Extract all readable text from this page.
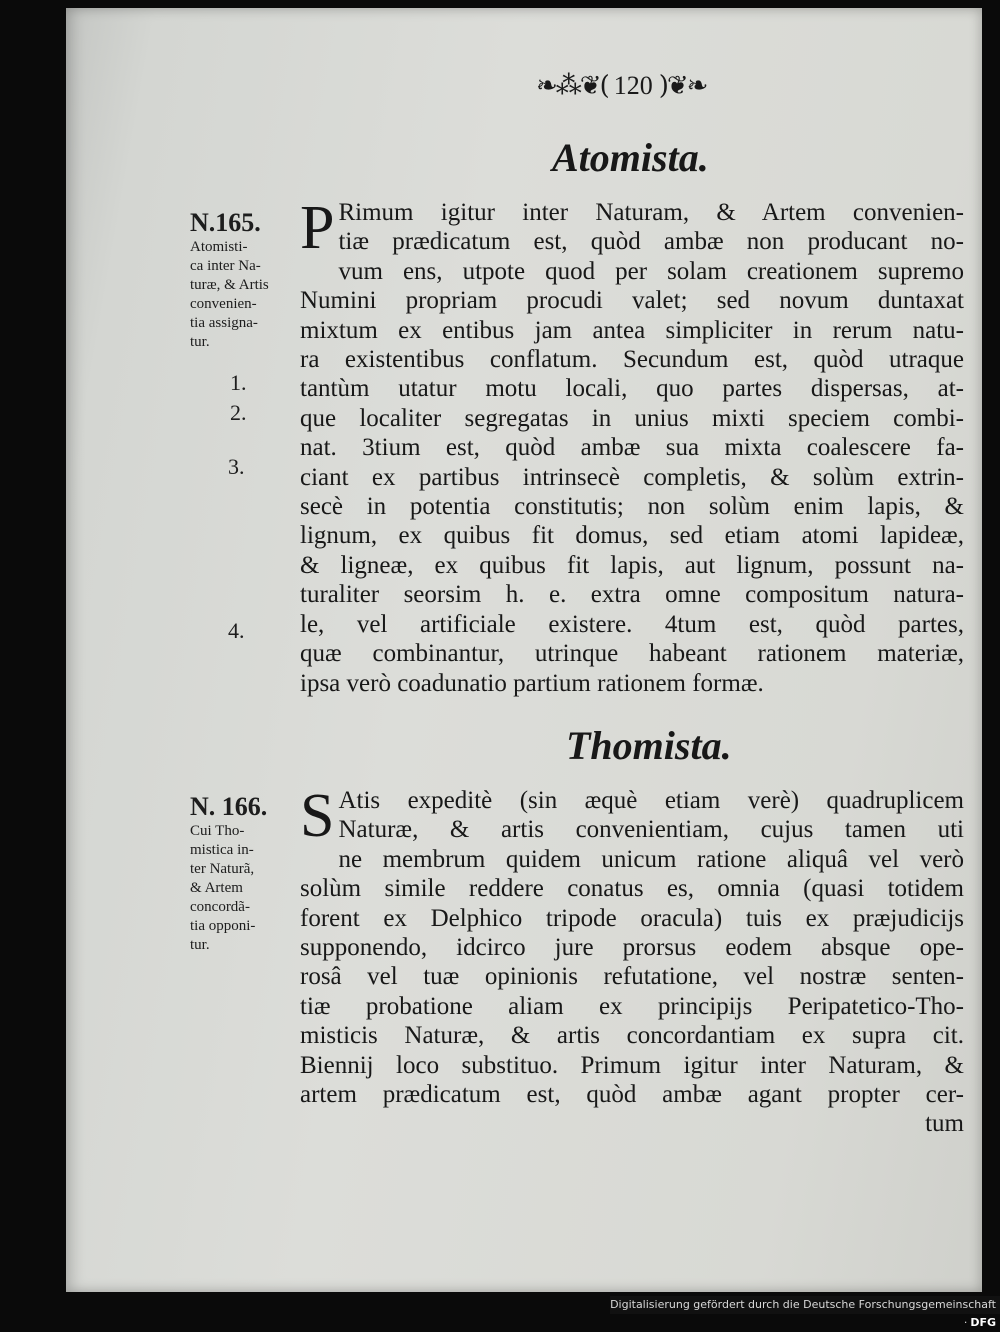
❧⁂❦( 120 )❦❧
Atomista.
N.165.
Atomisti-
ca inter Na-
turæ, & Artis
convenien-
tia assigna-
tur.
1.
2.
3.
4.
P Rimum igitur inter Naturam, & Artem convenien-
tiæ prædicatum est, quòd ambæ non producant no-
vum ens, utpote quod per solam creationem supremo
Numini propriam procudi valet; sed novum duntaxat
mixtum ex entibus jam antea simpliciter in rerum natu-
ra existentibus conflatum. Secundum est, quòd utraque
tantùm utatur motu locali, quo partes dispersas, at-
que localiter segregatas in unius mixti speciem combi-
nat. 3tium est, quòd ambæ sua mixta coalescere fa-
ciant ex partibus intrinsecè completis, & solùm extrin-
secè in potentia constitutis; non solùm enim lapis, &
lignum, ex quibus fit domus, sed etiam atomi lapideæ,
& ligneæ, ex quibus fit lapis, aut lignum, possunt na-
turaliter seorsim h. e. extra omne compositum natura-
le, vel artificiale existere. 4tum est, quòd partes,
quæ combinantur, utrinque habeant rationem materiæ,
ipsa verò coadunatio partium rationem formæ.
Thomista.
N. 166.
Cui Tho-
mistica in-
ter Naturã,
& Artem
concordã-
tia opponi-
tur.
S Atis expeditè (sin æquè etiam verè) quadruplicem
Naturæ, & artis convenientiam, cujus tamen uti
ne membrum quidem unicum ratione aliquâ vel verò
solùm simile reddere conatus es, omnia (quasi totidem
forent ex Delphico tripode oracula) tuis ex præjudicijs
supponendo, idcirco jure prorsus eodem absque ope-
rosâ vel tuæ opinionis refutatione, vel nostræ senten-
tiæ probatione aliam ex principijs Peripatetico-Tho-
misticis Naturæ, & artis concordantiam ex supra cit.
Biennij loco substituo. Primum igitur inter Naturam, &
artem prædicatum est, quòd ambæ agant propter cer-
tum
Digitalisierung gefördert durch die Deutsche Forschungsgemeinschaft · DFG
